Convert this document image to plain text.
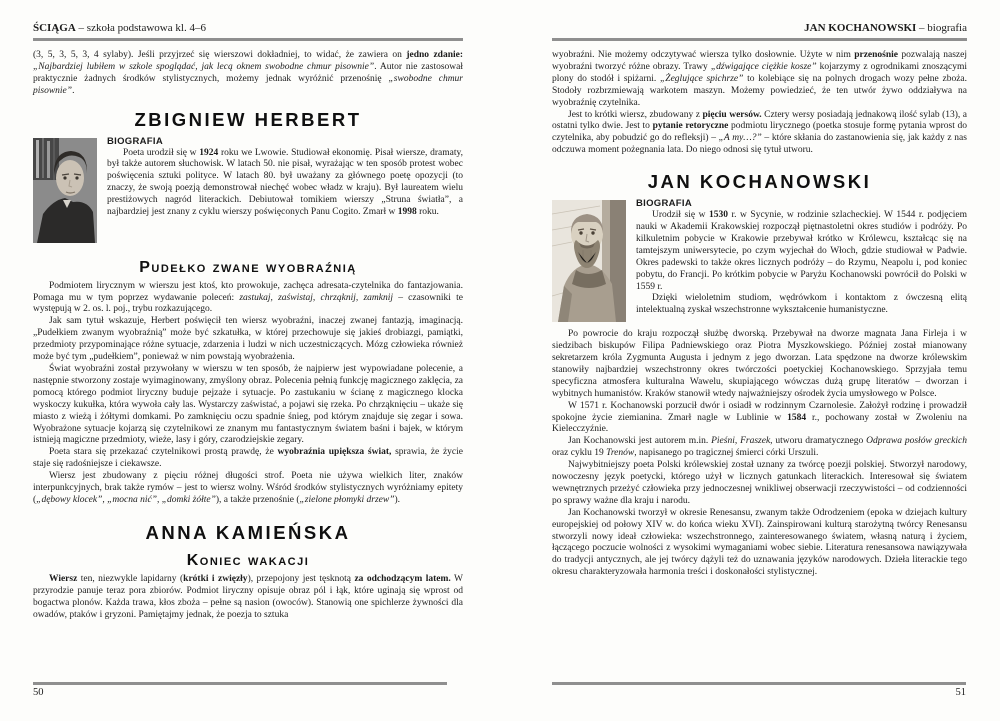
ŚCIĄGA – szkoła podstawowa kl. 4–6

(3, 5, 3, 5, 3, 4 sylaby). Jeśli przyjrzeć się wierszowi dokładniej, to widać, że zawiera on jedno zdanie: „Najbardziej lubiłem w szkole spoglądać, jak lecą oknem swobodne chmur pisownie”. Autor nie zastosował praktycznie żadnych środków stylistycznych, możemy jednak wyróżnić przenośnię „swobodne chmur pisownie”.

ZBIGNIEW HERBERT

BIOGRAFIA

Poeta urodził się w 1924 roku we Lwowie. Studiował ekonomię. Pisał wiersze, dramaty, był także autorem słuchowisk. W latach 50. nie pisał, wyrażając w ten sposób protest wobec poświęcenia sztuki polityce. W latach 80. był uważany za głównego poetę opozycji (to znaczy, że swoją poezją demonstrował niechęć wobec władz w kraju). Był laureatem wielu prestiżowych nagród literackich. Debiutował tomikiem wierszy „Struna światła”, a najbardziej jest znany z cyklu wierszy poświęconych Panu Cogito. Zmarł w 1998 roku.

Pudełko zwane wyobraźnią

Podmiotem lirycznym w wierszu jest ktoś, kto prowokuje, zachęca adresata-czytelnika do fantazjowania. Pomaga mu w tym poprzez wydawanie poleceń: zastukaj, zaświstaj, chrząknij, zamknij – czasowniki te występują w 2. os. l. poj., trybu rozkazującego.

Jak sam tytuł wskazuje, Herbert poświęcił ten wiersz wyobraźni, inaczej zwanej fantazją, imaginacją. „Pudełkiem zwanym wyobraźnią” może być szkatułka, w której przechowuje się jakieś drobiazgi, pamiątki, przedmioty przypominające różne sytuacje, zdarzenia i ludzi w nich uczestniczących. Mózg człowieka również może być tym „pudełkiem”, ponieważ w nim powstają wyobrażenia.

Świat wyobraźni został przywołany w wierszu w ten sposób, że najpierw jest wypowiadane polecenie, a następnie stworzony zostaje wyimaginowany, zmyślony obraz. Polecenia pełnią funkcję magicznego zaklęcia, za pomocą którego podmiot liryczny buduje pejzaże i sytuacje. Po zastukaniu w ścianę z magicznego klocka wyskoczy kukułka, która wywoła cały las. Wystarczy zaświstać, a pojawi się rzeka. Po chrząknięciu – ukaże się miasto z wieżą i żółtymi domkami. Po zamknięciu oczu spadnie śnieg, pod którym znajduje się zegar i sowa. Wyobrażone sytuacje kojarzą się czytelnikowi ze znanym mu fantastycznym światem baśni i bajek, w którym istnieją magiczne przedmioty, wieże, lasy i góry, czarodziejskie zegary.

Poeta stara się przekazać czytelnikowi prostą prawdę, że wyobraźnia upiększa świat, sprawia, że życie staje się radośniejsze i ciekawsze.

Wiersz jest zbudowany z pięciu różnej długości strof. Poeta nie używa wielkich liter, znaków interpunkcyjnych, brak także rymów – jest to wiersz wolny. Wśród środków stylistycznych wyróżniamy epitety („dębowy klocek”, „mocna nić”, „domki żółte”), a także przenośnie („zielone płomyki drzew”).

ANNA KAMIEŃSKA
Koniec wakacji

Wiersz ten, niezwykle lapidarny (krótki i zwięzły), przepojony jest tęsknotą za odchodzącym latem. W przyrodzie panuje teraz pora zbiorów. Podmiot liryczny opisuje obraz pól i łąk, które uginają się wprost od bogactwa plonów. Każda trawa, kłos zboża – pełne są nasion (owoców). Stanowią one spichlerze żywności dla owadów, ptaków i gryzoni. Pamiętajmy jednak, że poezja to sztuka

JAN KOCHANOWSKI – biografia

wyobraźni. Nie możemy odczytywać wiersza tylko dosłownie. Użyte w nim przenośnie pozwalają naszej wyobraźni tworzyć różne obrazy. Trawy „dźwigające ciężkie kosze” kojarzymy z ogrodnikami znoszącymi plony do stodół i spiżarni. „Żeglujące spichrze” to kolebiące się na polnych drogach wozy pełne zboża. Stodoły rozbrzmiewają warkotem maszyn. Możemy powiedzieć, że ten utwór żywo oddziaływa na wyobraźnię czytelnika.

Jest to krótki wiersz, zbudowany z pięciu wersów. Cztery wersy posiadają jednakową ilość sylab (13), a ostatni tylko dwie. Jest to pytanie retoryczne podmiotu lirycznego (poetka stosuje formę pytania wprost do czytelnika, aby pobudzić go do refleksji) – „A my…?” – które skłania do zastanowienia się, jak każdy z nas odczuwa moment pożegnania lata. Do niego odnosi się tytuł utworu.

JAN KOCHANOWSKI

BIOGRAFIA

Urodził się w 1530 r. w Sycynie, w rodzinie szlacheckiej. W 1544 r. podjęciem nauki w Akademii Krakowskiej rozpoczął piętnastoletni okres studiów i podróży. Po kilkuletnim pobycie w Krakowie przebywał krótko w Królewcu, kształcąc się na tamtejszym uniwersytecie, po czym wyjechał do Włoch, gdzie studiował w Padwie. Okres padewski to także okres licznych podróży – do Rzymu, Neapolu i, pod koniec pobytu, do Francji. Po krótkim pobycie w Paryżu Kochanowski powrócił do Polski w 1559 r.

Dzięki wieloletnim studiom, wędrówkom i kontaktom z ówczesną elitą intelektualną zyskał wszechstronne wykształcenie humanistyczne.

Po powrocie do kraju rozpoczął służbę dworską. Przebywał na dworze magnata Jana Firleja i w siedzibach biskupów Filipa Padniewskiego oraz Piotra Myszkowskiego. Później został mianowany sekretarzem króla Zygmunta Augusta i jednym z jego dworzan. Lata spędzone na dworze królewskim stanowiły najbardziej wszechstronny okres twórczości poetyckiej Kochanowskiego. Sprzyjała temu specyficzna atmosfera kulturalna Wawelu, skupiającego wówczas dużą grupę literatów – dworzan i wybitnych humanistów. Kraków stanowił wtedy najważniejszy ośrodek życia umysłowego w Polsce.

W 1571 r. Kochanowski porzucił dwór i osiadł w rodzinnym Czarnolesie. Założył rodzinę i prowadził spokojne życie ziemianina. Zmarł nagle w Lublinie w 1584 r., pochowany został w Zwoleniu na Kielecczyźnie.

Jan Kochanowski jest autorem m.in. Pieśni, Fraszek, utworu dramatycznego Odprawa posłów greckich oraz cyklu 19 Trenów, napisanego po tragicznej śmierci córki Urszuli.

Najwybitniejszy poeta Polski królewskiej został uznany za twórcę poezji polskiej. Stworzył narodowy, nowoczesny język poetycki, którego użył w licznych gatunkach literackich. Interesował się światem wewnętrznych przeżyć człowieka przy jednoczesnej wnikliwej obserwacji rzeczywistości – od codzienności po sprawy ważne dla kraju i narodu.

Jan Kochanowski tworzył w okresie Renesansu, zwanym także Odrodzeniem (epoka w dziejach kultury europejskiej od połowy XIV w. do końca wieku XVI). Zainspirowani kulturą starożytną twórcy Renesansu stworzyli nowy ideał człowieka: wszechstronnego, zainteresowanego światem, własną naturą i życiem, łączącego poczucie wolności z wysokimi wymaganiami wobec siebie. Literatura renesansowa nawiązywała do tradycji antycznych, ale jej twórcy dążyli też do uznawania języków narodowych. Dzieła literackie tego okresu charakteryzowała harmonia treści i doskonałości stylistycznej.

50	51
